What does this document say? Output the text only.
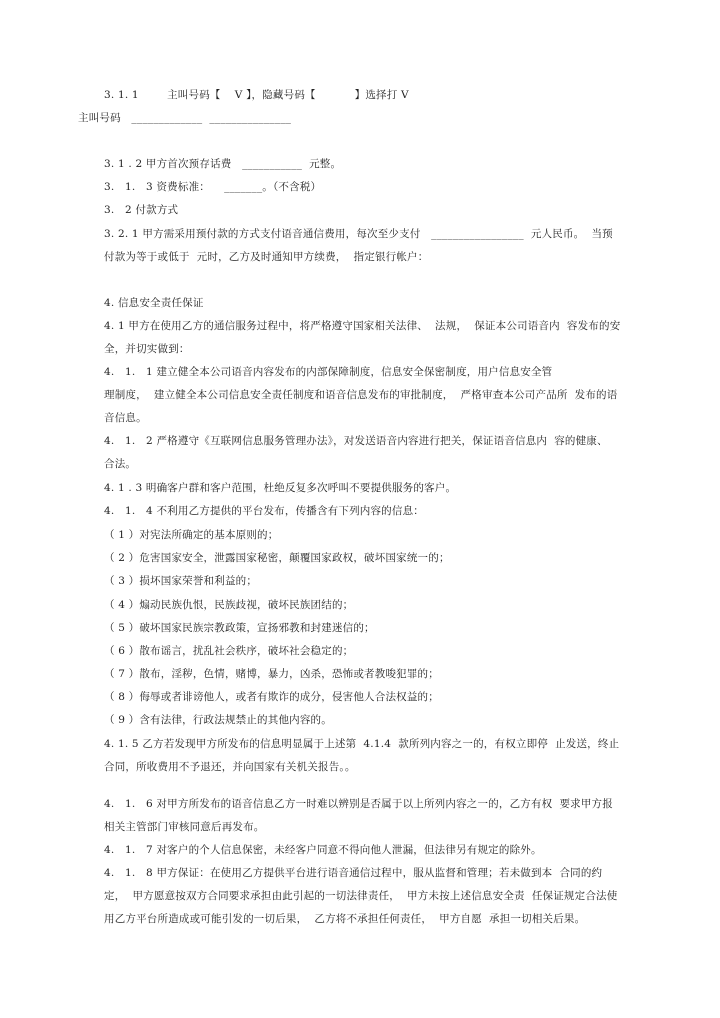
3. 1. 1        主叫号码【    V 】，隐藏号码【           】选择打 V
主叫号码   _____________  _______________
3. 1 . 2 甲方首次预存话费   ___________  元整。
3.   1.   3 资费标准：    _______。（不含税）
3.   2 付款方式
3. 2. 1 甲方需采用预付款的方式支付语音通信费用，每次至少支付   _________________  元人民币。  当预
付款为等于或低于  元时，乙方及时通知甲方续费，  指定银行帐户：
4. 信息安全责任保证
4. 1 甲方在使用乙方的通信服务过程中，将严格遵守国家相关法律、  法规，  保证本公司语音内  容发布的安
全，并切实做到：
4.   1.   1 建立健全本公司语音内容发布的内部保障制度，信息安全保密制度，用户信息安全管
理制度，  建立健全本公司信息安全责任制度和语音信息发布的审批制度，  严格审查本公司产品所  发布的语
音信息。
4.   1.   2 严格遵守《互联网信息服务管理办法》，对发送语音内容进行把关，保证语音信息内  容的健康、
合法。
4. 1 . 3 明确客户群和客户范围，杜绝反复多次呼叫不要提供服务的客户。
4.   1.   4 不利用乙方提供的平台发布，传播含有下列内容的信息：
（ 1 ）对宪法所确定的基本原则的；
（ 2 ）危害国家安全，泄露国家秘密，颠覆国家政权，破坏国家统一的；
（ 3 ）损坏国家荣誉和利益的；
（ 4 ）煽动民族仇恨，民族歧视，破坏民族团结的；
（ 5 ）破坏国家民族宗教政策，宣扬邪教和封建迷信的；
（ 6 ）散布谣言，扰乱社会秩序，破坏社会稳定的；
（ 7 ）散布，淫秽，色情，赌博，暴力，凶杀，恐怖或者教唆犯罪的；
（ 8 ）侮辱或者诽谤他人，或者有欺诈的成分，侵害他人合法权益的；
（ 9 ）含有法律，行政法规禁止的其他内容的。
4. 1. 5 乙方若发现甲方所发布的信息明显属于上述第  4.1.4  款所列内容之一的，有权立即停  止发送，终止
合同，所收费用不予退还，并向国家有关机关报告。。
4.   1.   6 对甲方所发布的语音信息乙方一时难以辨别是否属于以上所列内容之一的，乙方有权  要求甲方报
相关主管部门审核同意后再发布。
4.   1.   7 对客户的个人信息保密，未经客户同意不得向他人泄漏，但法律另有规定的除外。
4.   1.   8 甲方保证：在使用乙方提供平台进行语音通信过程中，服从监督和管理；若未做到本  合同的约
定，  甲方愿意按双方合同要求承担由此引起的一切法律责任，  甲方未按上述信息安全责  任保证规定合法使
用乙方平台所造成或可能引发的一切后果，  乙方将不承担任何责任，  甲方自愿  承担一切相关后果。
